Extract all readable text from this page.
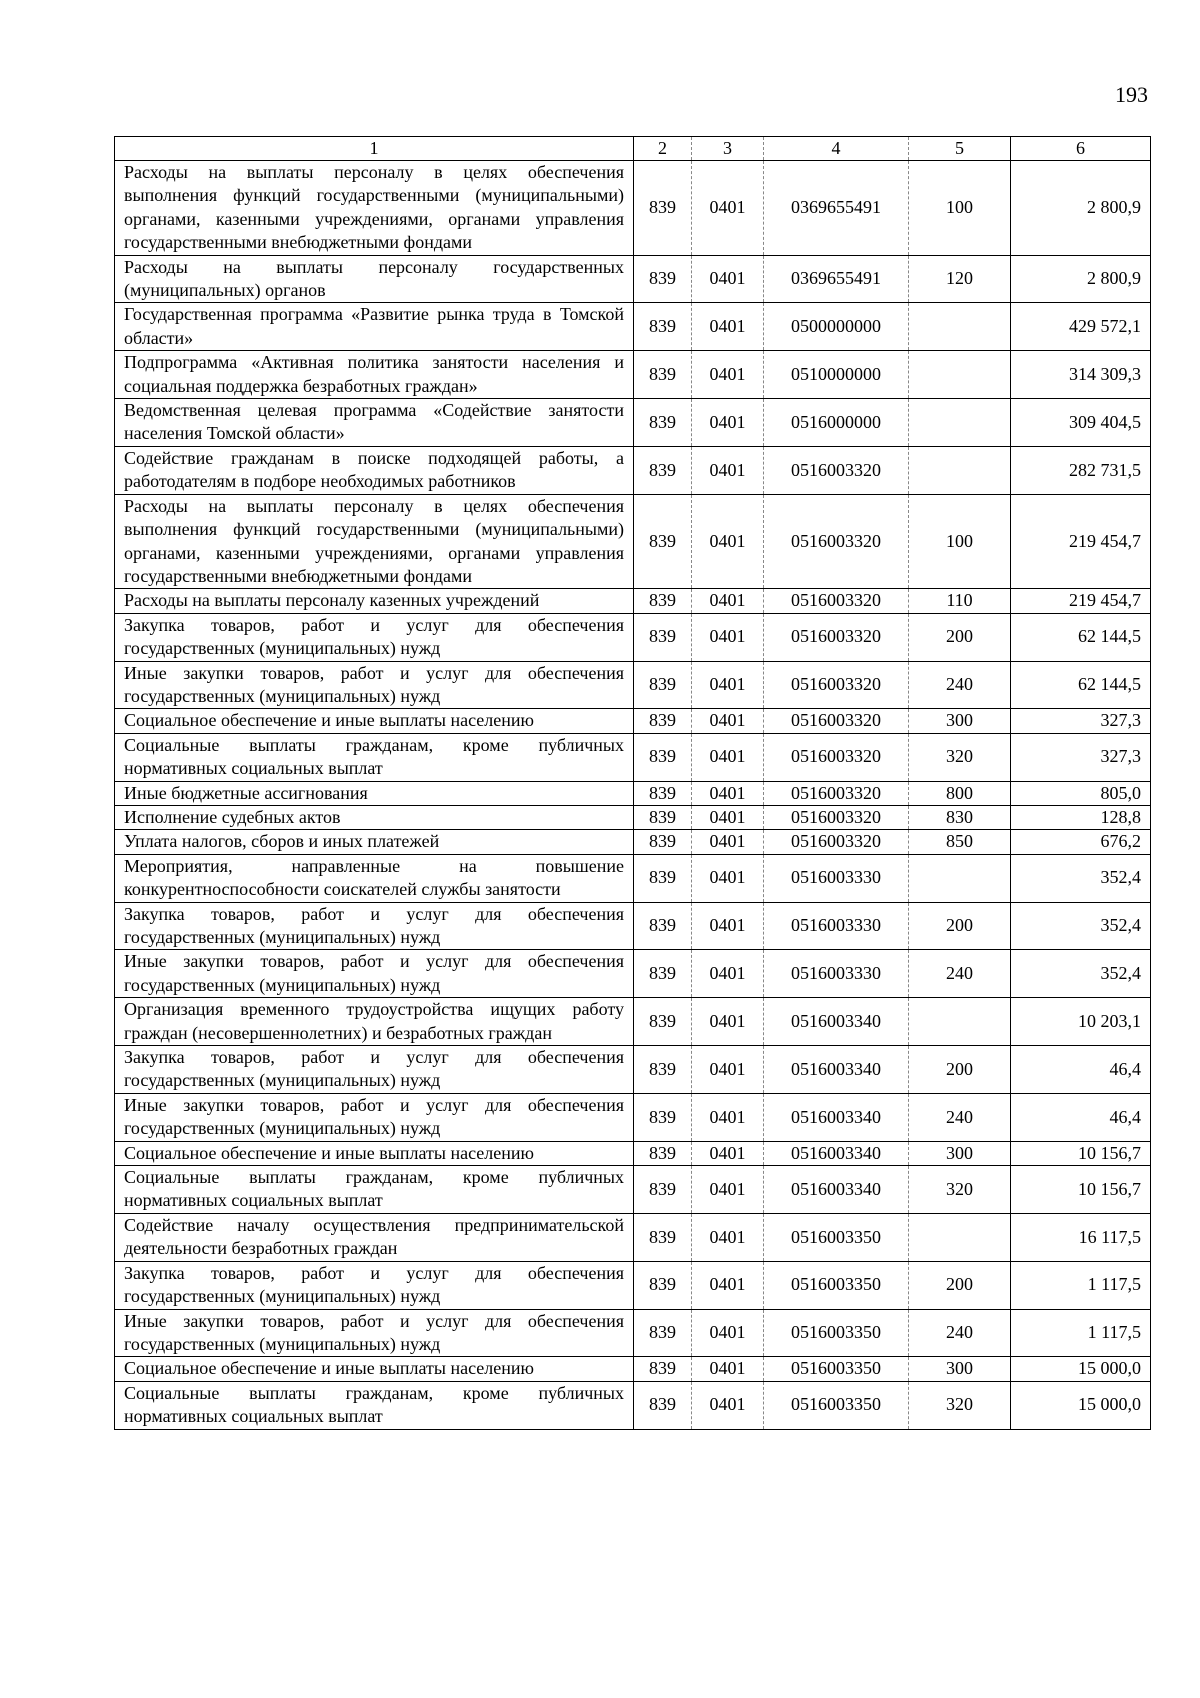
193
1	2	3	4	5	6
Расходы на выплаты персоналу в целях обеспечения выполнения функций государственными (муниципальными) органами, казенными учреждениями, органами управления государственными внебюджетными фондами	839	0401	0369655491	100	2 800,9
Расходы на выплаты персоналу государственных (муниципальных) органов	839	0401	0369655491	120	2 800,9
Государственная программа «Развитие рынка труда в Томской области»	839	0401	0500000000		429 572,1
Подпрограмма «Активная политика занятости населения и социальная поддержка безработных граждан»	839	0401	0510000000		314 309,3
Ведомственная целевая программа «Содействие занятости населения Томской области»	839	0401	0516000000		309 404,5
Содействие гражданам в поиске подходящей работы, а работодателям в подборе необходимых работников	839	0401	0516003320		282 731,5
Расходы на выплаты персоналу в целях обеспечения выполнения функций государственными (муниципальными) органами, казенными учреждениями, органами управления государственными внебюджетными фондами	839	0401	0516003320	100	219 454,7
Расходы на выплаты персоналу казенных учреждений	839	0401	0516003320	110	219 454,7
Закупка товаров, работ и услуг для обеспечения государственных (муниципальных) нужд	839	0401	0516003320	200	62 144,5
Иные закупки товаров, работ и услуг для обеспечения государственных (муниципальных) нужд	839	0401	0516003320	240	62 144,5
Социальное обеспечение и иные выплаты населению	839	0401	0516003320	300	327,3
Социальные выплаты гражданам, кроме публичных нормативных социальных выплат	839	0401	0516003320	320	327,3
Иные бюджетные ассигнования	839	0401	0516003320	800	805,0
Исполнение судебных актов	839	0401	0516003320	830	128,8
Уплата налогов, сборов и иных платежей	839	0401	0516003320	850	676,2
Мероприятия, направленные на повышение конкурентноспособности соискателей службы занятости	839	0401	0516003330		352,4
Закупка товаров, работ и услуг для обеспечения государственных (муниципальных) нужд	839	0401	0516003330	200	352,4
Иные закупки товаров, работ и услуг для обеспечения государственных (муниципальных) нужд	839	0401	0516003330	240	352,4
Организация временного трудоустройства ищущих работу граждан (несовершеннолетних) и безработных граждан	839	0401	0516003340		10 203,1
Закупка товаров, работ и услуг для обеспечения государственных (муниципальных) нужд	839	0401	0516003340	200	46,4
Иные закупки товаров, работ и услуг для обеспечения государственных (муниципальных) нужд	839	0401	0516003340	240	46,4
Социальное обеспечение и иные выплаты населению	839	0401	0516003340	300	10 156,7
Социальные выплаты гражданам, кроме публичных нормативных социальных выплат	839	0401	0516003340	320	10 156,7
Содействие началу осуществления предпринимательской деятельности безработных граждан	839	0401	0516003350		16 117,5
Закупка товаров, работ и услуг для обеспечения государственных (муниципальных) нужд	839	0401	0516003350	200	1 117,5
Иные закупки товаров, работ и услуг для обеспечения государственных (муниципальных) нужд	839	0401	0516003350	240	1 117,5
Социальное обеспечение и иные выплаты населению	839	0401	0516003350	300	15 000,0
Социальные выплаты гражданам, кроме публичных нормативных социальных выплат	839	0401	0516003350	320	15 000,0
